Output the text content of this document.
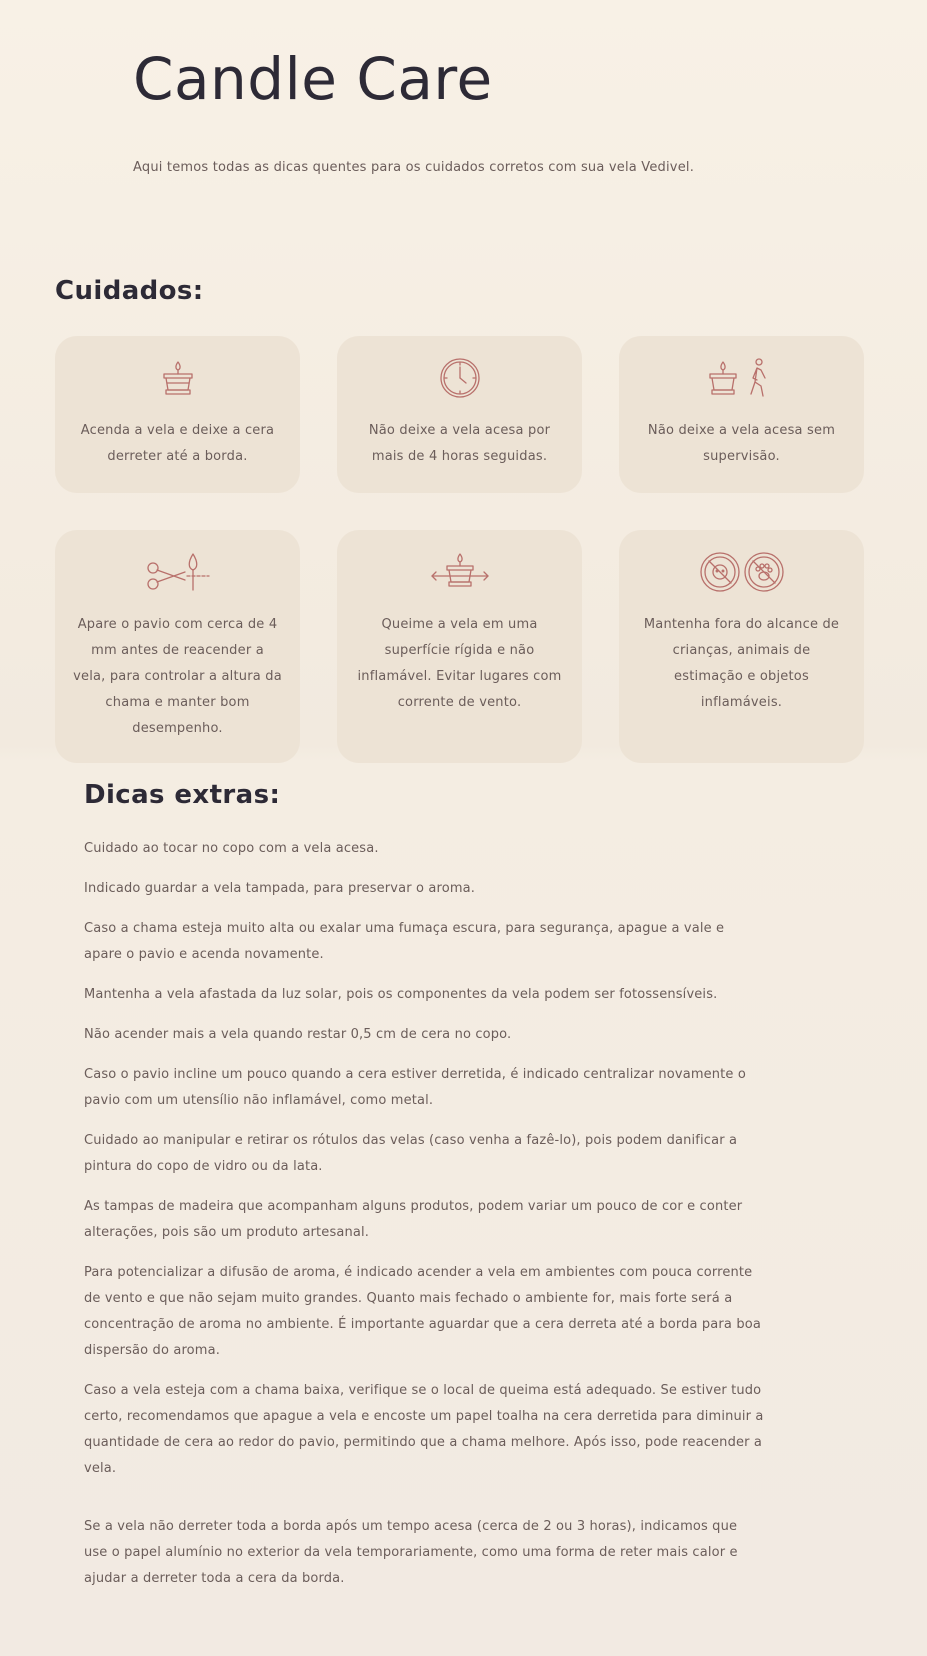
Candle Care

Aqui temos todas as dicas quentes para os cuidados corretos com sua vela Vedivel.

Cuidados:

Acenda a vela e deixe a cera derreter até a borda.

Não deixe a vela acesa por mais de 4 horas seguidas.

Não deixe a vela acesa sem supervisão.

Apare o pavio com cerca de 4 mm antes de reacender a vela, para controlar a altura da chama e manter bom desempenho.

Queime a vela em uma superfície rígida e não inflamável. Evitar lugares com corrente de vento.

Mantenha fora do alcance de crianças, animais de estimação e objetos inflamáveis.

Dicas extras:

Cuidado ao tocar no copo com a vela acesa.

Indicado guardar a vela tampada, para preservar o aroma.

Caso a chama esteja muito alta ou exalar uma fumaça escura, para segurança, apague a vale e apare o pavio e acenda novamente.

Mantenha a vela afastada da luz solar, pois os componentes da vela podem ser fotossensíveis.

Não acender mais a vela quando restar 0,5 cm de cera no copo.

Caso o pavio incline um pouco quando a cera estiver derretida, é indicado centralizar novamente o pavio com um utensílio não inflamável, como metal.

Cuidado ao manipular e retirar os rótulos das velas (caso venha a fazê-lo), pois podem danificar a pintura do copo de vidro ou da lata.

As tampas de madeira que acompanham alguns produtos, podem variar um pouco de cor e conter alterações, pois são um produto artesanal.

Para potencializar a difusão de aroma, é indicado acender a vela em ambientes com pouca corrente de vento e que não sejam muito grandes. Quanto mais fechado o ambiente for, mais forte será a concentração de aroma no ambiente. É importante aguardar que a cera derreta até a borda para boa dispersão do aroma.

Caso a vela esteja com a chama baixa, verifique se o local de queima está adequado. Se estiver tudo certo, recomendamos que apague a vela e encoste um papel toalha na cera derretida para diminuir a quantidade de cera ao redor do pavio, permitindo que a chama melhore. Após isso, pode reacender a vela.

Se a vela não derreter toda a borda após um tempo acesa (cerca de 2 ou 3 horas), indicamos que use o papel alumínio no exterior da vela temporariamente, como uma forma de reter mais calor e ajudar a derreter toda a cera da borda.
